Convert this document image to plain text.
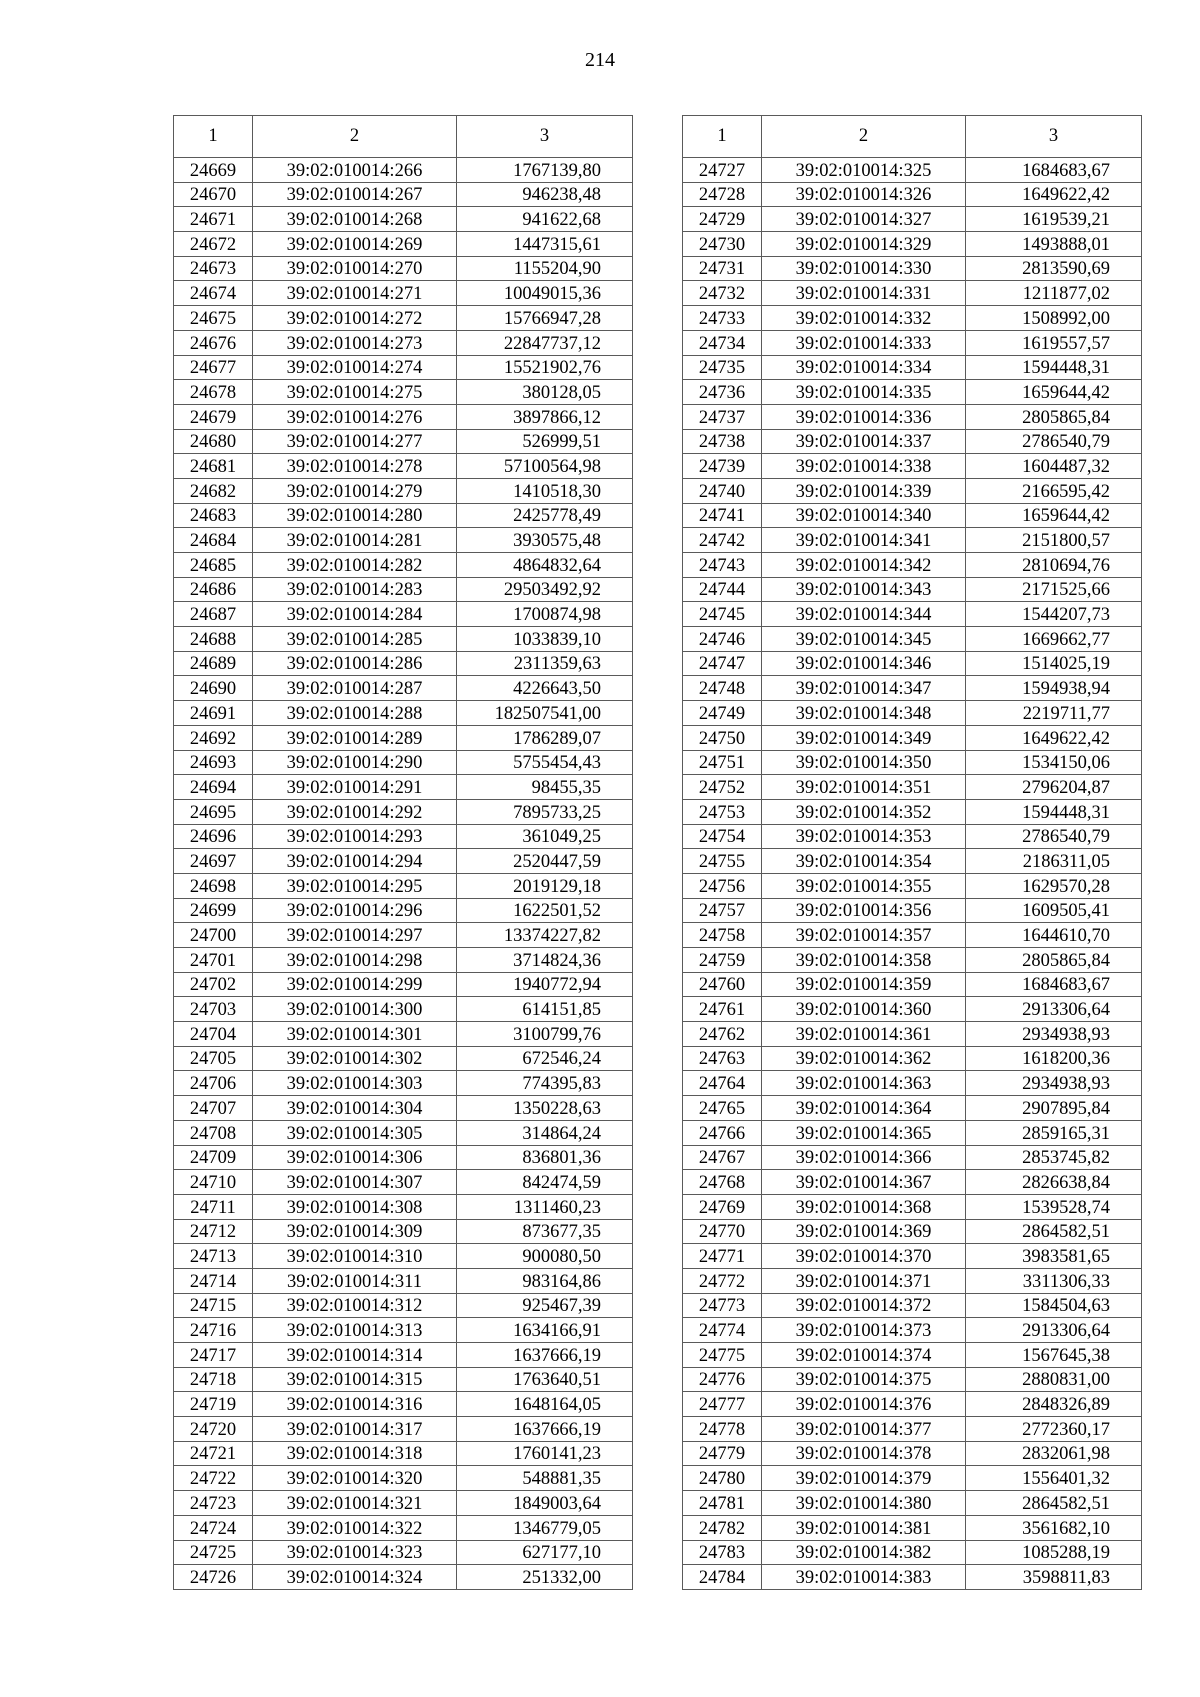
214
1	2	3
24669	39:02:010014:266	1767139,80
24670	39:02:010014:267	946238,48
24671	39:02:010014:268	941622,68
24672	39:02:010014:269	1447315,61
24673	39:02:010014:270	1155204,90
24674	39:02:010014:271	10049015,36
24675	39:02:010014:272	15766947,28
24676	39:02:010014:273	22847737,12
24677	39:02:010014:274	15521902,76
24678	39:02:010014:275	380128,05
24679	39:02:010014:276	3897866,12
24680	39:02:010014:277	526999,51
24681	39:02:010014:278	57100564,98
24682	39:02:010014:279	1410518,30
24683	39:02:010014:280	2425778,49
24684	39:02:010014:281	3930575,48
24685	39:02:010014:282	4864832,64
24686	39:02:010014:283	29503492,92
24687	39:02:010014:284	1700874,98
24688	39:02:010014:285	1033839,10
24689	39:02:010014:286	2311359,63
24690	39:02:010014:287	4226643,50
24691	39:02:010014:288	182507541,00
24692	39:02:010014:289	1786289,07
24693	39:02:010014:290	5755454,43
24694	39:02:010014:291	98455,35
24695	39:02:010014:292	7895733,25
24696	39:02:010014:293	361049,25
24697	39:02:010014:294	2520447,59
24698	39:02:010014:295	2019129,18
24699	39:02:010014:296	1622501,52
24700	39:02:010014:297	13374227,82
24701	39:02:010014:298	3714824,36
24702	39:02:010014:299	1940772,94
24703	39:02:010014:300	614151,85
24704	39:02:010014:301	3100799,76
24705	39:02:010014:302	672546,24
24706	39:02:010014:303	774395,83
24707	39:02:010014:304	1350228,63
24708	39:02:010014:305	314864,24
24709	39:02:010014:306	836801,36
24710	39:02:010014:307	842474,59
24711	39:02:010014:308	1311460,23
24712	39:02:010014:309	873677,35
24713	39:02:010014:310	900080,50
24714	39:02:010014:311	983164,86
24715	39:02:010014:312	925467,39
24716	39:02:010014:313	1634166,91
24717	39:02:010014:314	1637666,19
24718	39:02:010014:315	1763640,51
24719	39:02:010014:316	1648164,05
24720	39:02:010014:317	1637666,19
24721	39:02:010014:318	1760141,23
24722	39:02:010014:320	548881,35
24723	39:02:010014:321	1849003,64
24724	39:02:010014:322	1346779,05
24725	39:02:010014:323	627177,10
24726	39:02:010014:324	251332,00
1	2	3
24727	39:02:010014:325	1684683,67
24728	39:02:010014:326	1649622,42
24729	39:02:010014:327	1619539,21
24730	39:02:010014:329	1493888,01
24731	39:02:010014:330	2813590,69
24732	39:02:010014:331	1211877,02
24733	39:02:010014:332	1508992,00
24734	39:02:010014:333	1619557,57
24735	39:02:010014:334	1594448,31
24736	39:02:010014:335	1659644,42
24737	39:02:010014:336	2805865,84
24738	39:02:010014:337	2786540,79
24739	39:02:010014:338	1604487,32
24740	39:02:010014:339	2166595,42
24741	39:02:010014:340	1659644,42
24742	39:02:010014:341	2151800,57
24743	39:02:010014:342	2810694,76
24744	39:02:010014:343	2171525,66
24745	39:02:010014:344	1544207,73
24746	39:02:010014:345	1669662,77
24747	39:02:010014:346	1514025,19
24748	39:02:010014:347	1594938,94
24749	39:02:010014:348	2219711,77
24750	39:02:010014:349	1649622,42
24751	39:02:010014:350	1534150,06
24752	39:02:010014:351	2796204,87
24753	39:02:010014:352	1594448,31
24754	39:02:010014:353	2786540,79
24755	39:02:010014:354	2186311,05
24756	39:02:010014:355	1629570,28
24757	39:02:010014:356	1609505,41
24758	39:02:010014:357	1644610,70
24759	39:02:010014:358	2805865,84
24760	39:02:010014:359	1684683,67
24761	39:02:010014:360	2913306,64
24762	39:02:010014:361	2934938,93
24763	39:02:010014:362	1618200,36
24764	39:02:010014:363	2934938,93
24765	39:02:010014:364	2907895,84
24766	39:02:010014:365	2859165,31
24767	39:02:010014:366	2853745,82
24768	39:02:010014:367	2826638,84
24769	39:02:010014:368	1539528,74
24770	39:02:010014:369	2864582,51
24771	39:02:010014:370	3983581,65
24772	39:02:010014:371	3311306,33
24773	39:02:010014:372	1584504,63
24774	39:02:010014:373	2913306,64
24775	39:02:010014:374	1567645,38
24776	39:02:010014:375	2880831,00
24777	39:02:010014:376	2848326,89
24778	39:02:010014:377	2772360,17
24779	39:02:010014:378	2832061,98
24780	39:02:010014:379	1556401,32
24781	39:02:010014:380	2864582,51
24782	39:02:010014:381	3561682,10
24783	39:02:010014:382	1085288,19
24784	39:02:010014:383	3598811,83
